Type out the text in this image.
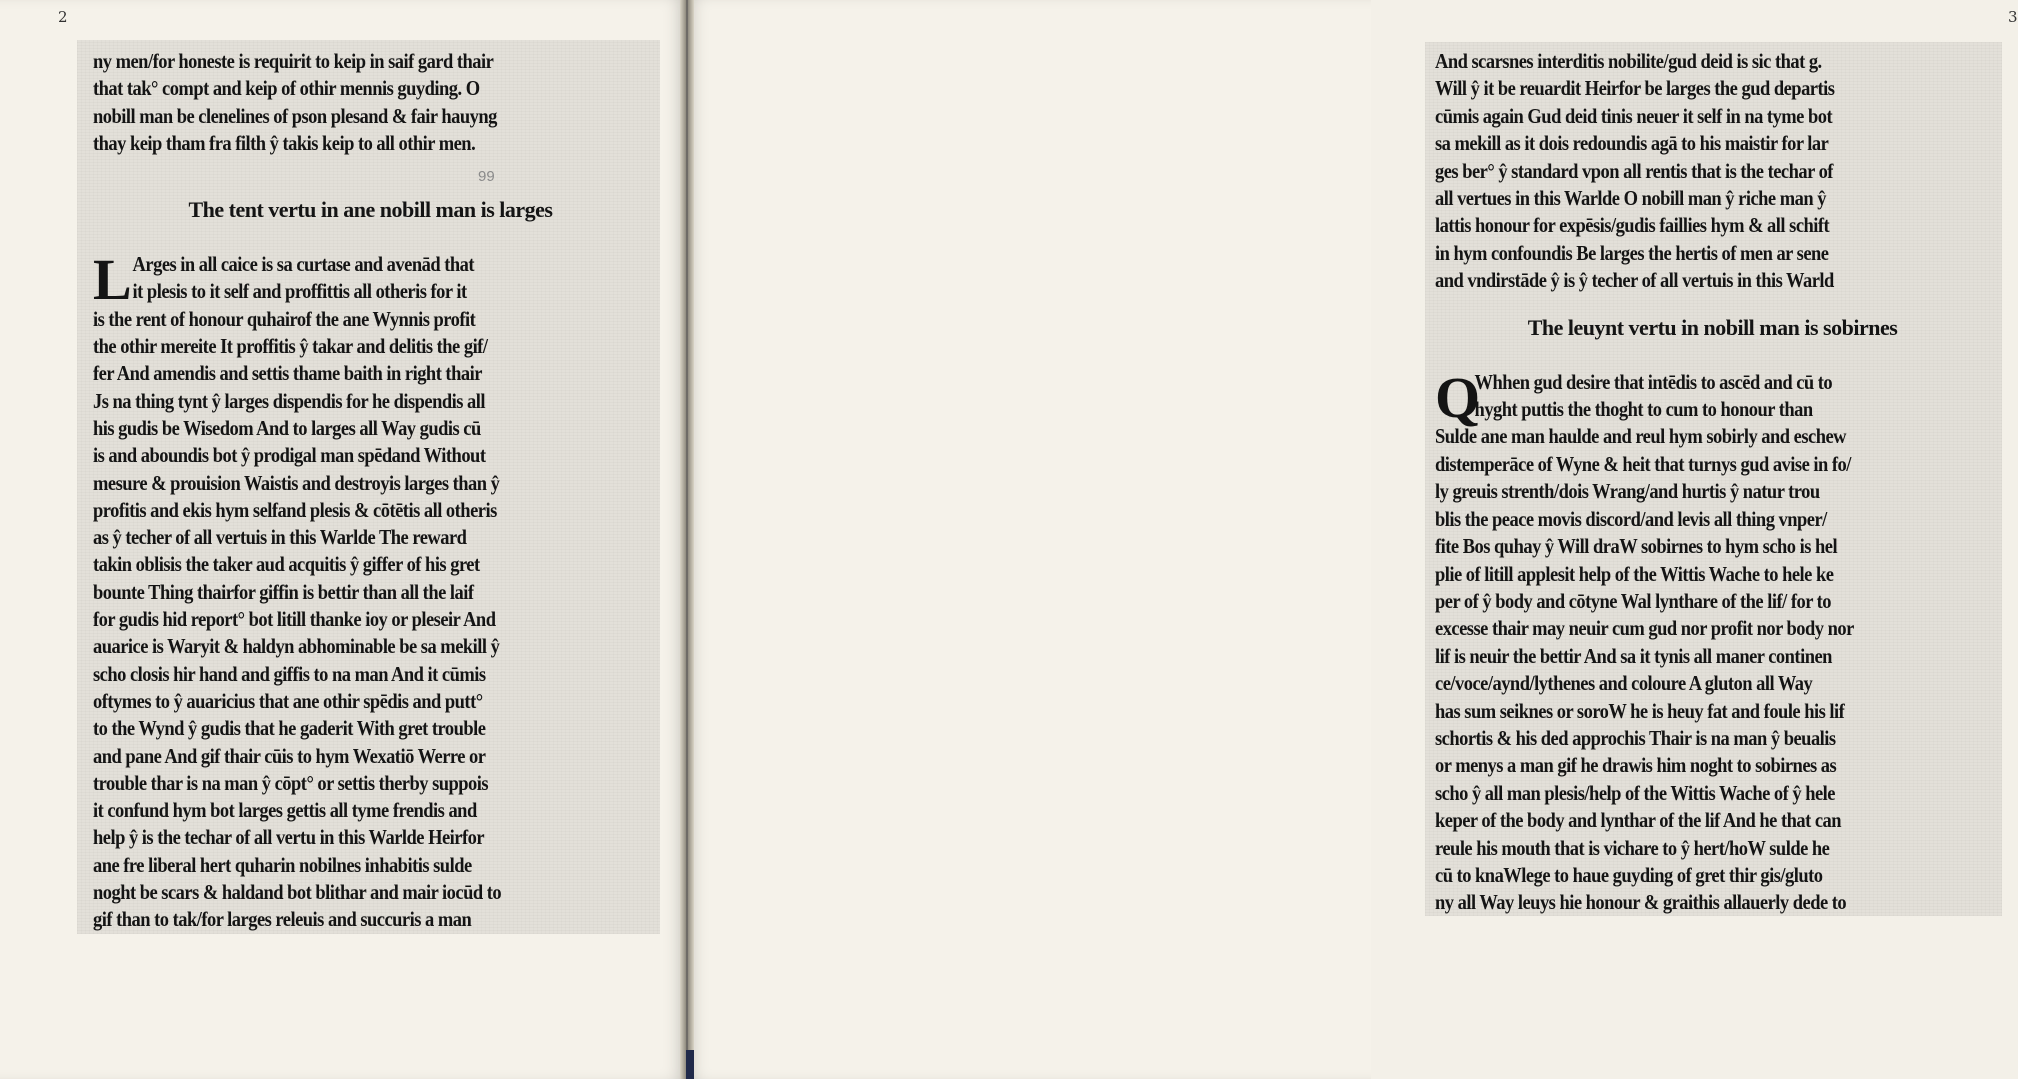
2
ny men/for honeste is requirit to keip in saif gard thair
that tak° compt and keip of othir mennis guyding. O
nobill man be clenelines of pson plesand & fair hauyng
thay keip tham fra filth ŷ takis keip to all othir men.
The tent vertu in ane nobill man is larges
L Arges in all caice is sa curtase and avenād that
it plesis to it self and proffittis all otheris for it
is the rent of honour quhairof the ane Wynnis profit
the othir mereite It proffitis ŷ takar and delitis the gif/
fer And amendis and settis thame baith in right thair
Js na thing tynt ŷ larges dispendis for he dispendis all
his gudis be Wisedom And to larges all Way gudis cū
is and aboundis bot ŷ prodigal man spēdand Without
mesure & prouision Waistis and destroyis larges than ŷ
profitis and ekis hym selfand plesis & cōtētis all otheris
as ŷ techer of all vertuis in this Warlde The reward
takin oblisis the taker aud acquitis ŷ giffer of his gret
bounte Thing thairfor giffin is bettir than all the laif
for gudis hid report° bot litill thanke ioy or pleseir And
auarice is Waryit & haldyn abhominable be sa mekill ŷ
scho closis hir hand and giffis to na man And it cūmis
oftymes to ŷ auaricius that ane othir spēdis and putt°
to the Wynd ŷ gudis that he gaderit With gret trouble
and pane And gif thair cūis to hym Wexatiō Werre or
trouble thar is na man ŷ cōpt° or settis therby suppois
it confund hym bot larges gettis all tyme frendis and
help ŷ is the techar of all vertu in this Warlde Heirfor
ane fre liberal hert quharin nobilnes inhabitis sulde
noght be scars & haldand bot blithar and mair iocūd to
gif than to tak/for larges releuis and succuris a man
99
3
And scarsnes interditis nobilite/gud deid is sic that g.
Will ŷ it be reuardit Heirfor be larges the gud departis
cūmis again Gud deid tinis neuer it self in na tyme bot
sa mekill as it dois redoundis agā to his maistir for lar
ges ber° ŷ standard vpon all rentis that is the techar of
all vertues in this Warlde O nobill man ŷ riche man ŷ
lattis honour for expēsis/gudis faillies hym & all schift
in hym confoundis Be larges the hertis of men ar sene
and vndirstāde ŷ is ŷ techer of all vertuis in this Warld
The leuynt vertu in nobill man is sobirnes
Q
Whhen gud desire that intēdis to ascēd and cū to
hyght puttis the thoght to cum to honour than
Sulde ane man haulde and reul hym sobirly and eschew
distemperāce of Wyne & heit that turnys gud avise in fo/
ly greuis strenth/dois Wrang/and hurtis ŷ natur trou
blis the peace movis discord/and levis all thing vnper/
fite Bos quhay ŷ Will draW sobirnes to hym scho is hel
plie of litill applesit help of the Wittis Wache to hele ke
per of ŷ body and cōtyne Wal lynthare of the lif/ for to
excesse thair may neuir cum gud nor profit nor body nor
lif is neuir the bettir And sa it tynis all maner continen
ce/voce/aynd/lythenes and coloure A gluton all Way
has sum seiknes or soroW he is heuy fat and foule his lif
schortis & his ded approchis Thair is na man ŷ beualis
or menys a man gif he drawis him noght to sobirnes as
scho ŷ all man plesis/help of the Wittis Wache of ŷ hele
keper of the body and lynthar of the lif And he that can
reule his mouth that is vichare to ŷ hert/hoW sulde he
cū to knaWlege to haue guyding of gret thir gis/gluto
ny all Way leuys hie honour & graithis allauerly dede to
